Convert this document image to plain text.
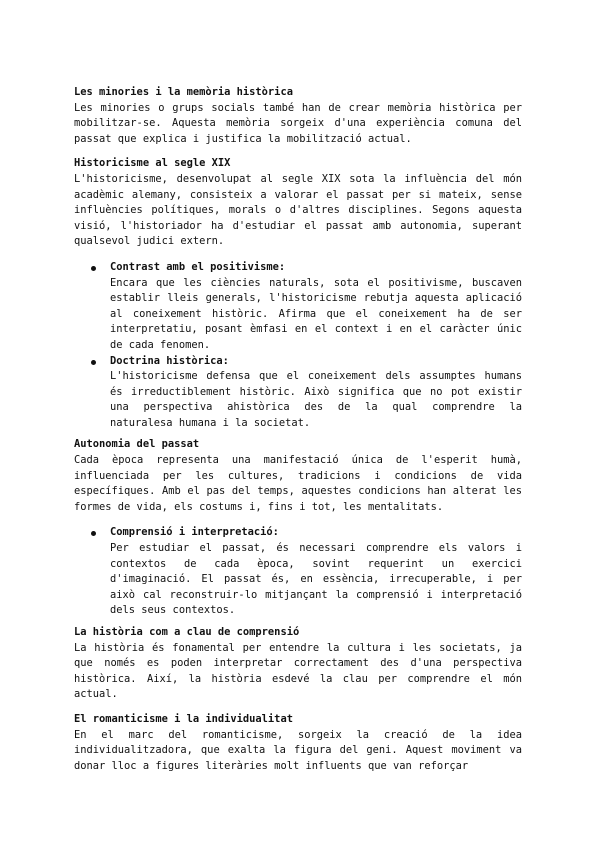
Les minories i la memòria històrica

Les minories o grups socials també han de crear memòria històrica per mobilitzar-se. Aquesta memòria sorgeix d'una experiència comuna del passat que explica i justifica la mobilització actual.

Historicisme al segle XIX

L'historicisme, desenvolupat al segle XIX sota la influència del món acadèmic alemany, consisteix a valorar el passat per si mateix, sense influències polítiques, morals o d'altres disciplines. Segons aquesta visió, l'historiador ha d'estudiar el passat amb autonomia, superant qualsevol judici extern.

Contrast amb el positivisme:

Encara que les ciències naturals, sota el positivisme, buscaven establir lleis generals, l'historicisme rebutja aquesta aplicació al coneixement històric. Afirma que el coneixement ha de ser interpretatiu, posant èmfasi en el context i en el caràcter únic de cada fenomen.

Doctrina històrica:

L'historicisme defensa que el coneixement dels assumptes humans és irreductiblement històric. Això significa que no pot existir una perspectiva ahistòrica des de la qual comprendre la naturalesa humana i la societat.

Autonomia del passat

Cada època representa una manifestació única de l'esperit humà, influenciada per les cultures, tradicions i condicions de vida específiques. Amb el pas del temps, aquestes condicions han alterat les formes de vida, els costums i, fins i tot, les mentalitats.

Comprensió i interpretació:

Per estudiar el passat, és necessari comprendre els valors i contextos de cada època, sovint requerint un exercici d'imaginació. El passat és, en essència, irrecuperable, i per això cal reconstruir-lo mitjançant la comprensió i interpretació dels seus contextos.

La història com a clau de comprensió

La història és fonamental per entendre la cultura i les societats, ja que només es poden interpretar correctament des d'una perspectiva històrica. Així, la història esdevé la clau per comprendre el món actual.

El romanticisme i la individualitat

En el marc del romanticisme, sorgeix la creació de la idea individualitzadora, que exalta la figura del geni. Aquest moviment va donar lloc a figures literàries molt influents que van reforçar
